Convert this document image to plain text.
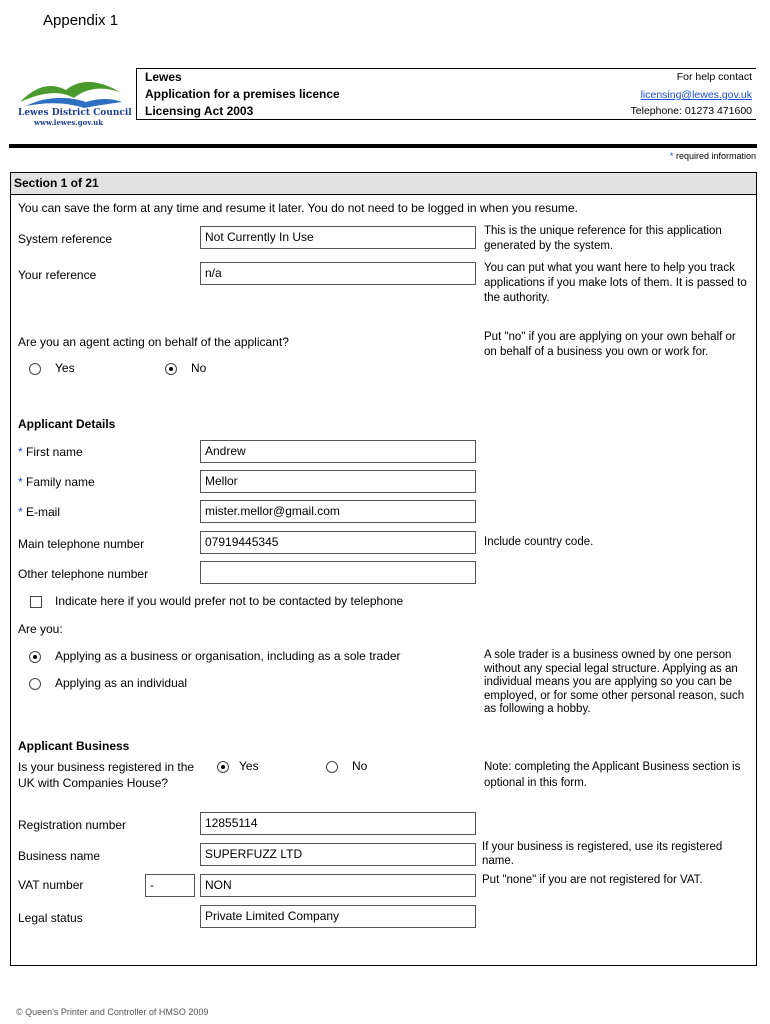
Appendix 1
Lewes District Council
www.lewes.gov.uk
Lewes
Application for a premises licence
Licensing Act 2003
For help contact
licensing@lewes.gov.uk
Telephone: 01273 471600
* required information
Section 1 of 21
You can save the form at any time and resume it later. You do not need to be logged in when you resume.
System reference	Not Currently In Use	This is the unique reference for this application generated by the system.
Your reference	n/a	You can put what you want here to help you track applications if you make lots of them. It is passed to the authority.
Are you an agent acting on behalf of the applicant?
Yes	No
Put "no" if you are applying on your own behalf or on behalf of a business you own or work for.
Applicant Details
* First name	Andrew
* Family name	Mellor
* E-mail	mister.mellor@gmail.com
Main telephone number	07919445345	Include country code.
Other telephone number
Indicate here if you would prefer not to be contacted by telephone
Are you:
Applying as a business or organisation, including as a sole trader
Applying as an individual
A sole trader is a business owned by one person without any special legal structure. Applying as an individual means you are applying so you can be employed, or for some other personal reason, such as following a hobby.
Applicant Business
Is your business registered in the UK with Companies House?
Yes	No	Note: completing the Applicant Business section is optional in this form.
Registration number	12855114
Business name	SUPERFUZZ LTD	If your business is registered, use its registered name.
VAT number	-	NON	Put "none" if you are not registered for VAT.
Legal status	Private Limited Company
© Queen's Printer and Controller of HMSO 2009
